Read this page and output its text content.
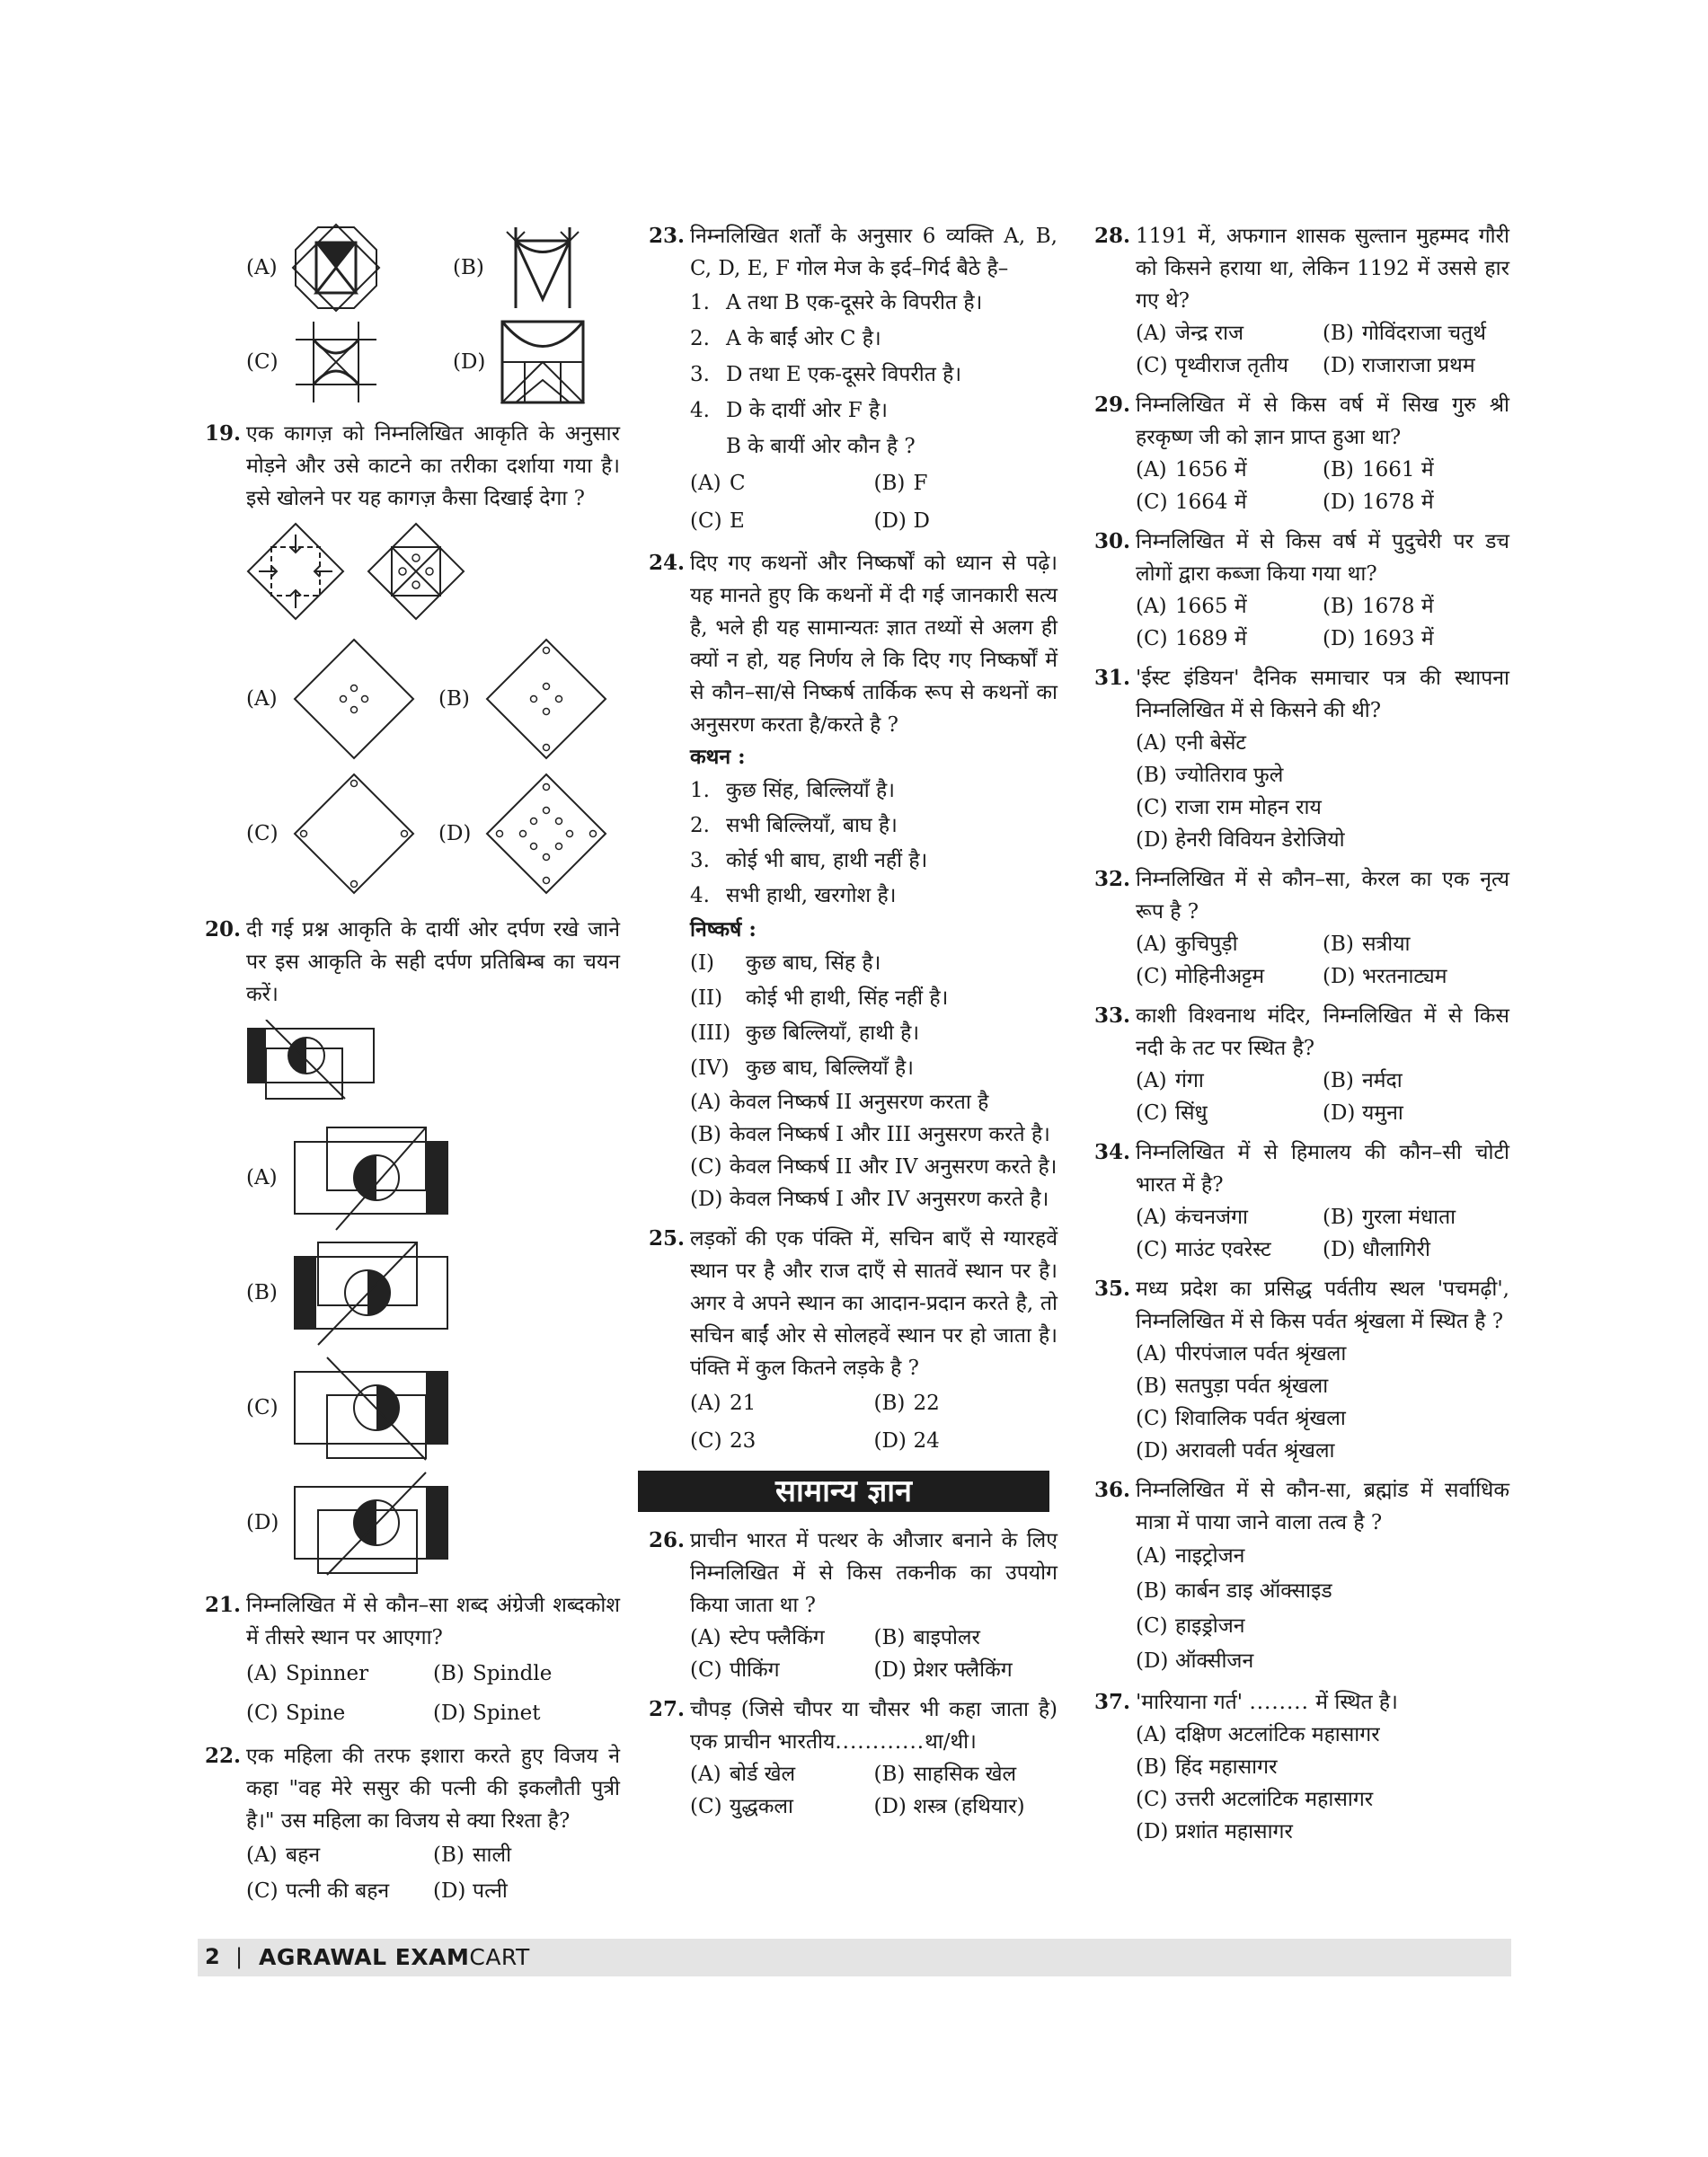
(A)	(B)
(C)	(D)
19. एक कागज़ को निम्नलिखित आकृति के अनुसार मोड़ने और उसे काटने का तरीका दर्शाया गया है। इसे खोलने पर यह कागज़ कैसा दिखाई देगा ?
(A)	(B)
(C)	(D)
20. दी गई प्रश्न आकृति के दायीं ओर दर्पण रखे जाने पर इस आकृति के सही दर्पण प्रतिबिम्ब का चयन करें।
(A)
(B)
(C)
(D)
21. निम्नलिखित में से कौन–सा शब्द अंग्रेजी शब्दकोश में तीसरे स्थान पर आएगा?
(A) Spinner	(B) Spindle
(C) Spine	(D) Spinet
22. एक महिला की तरफ इशारा करते हुए विजय ने कहा "वह मेरे ससुर की पत्नी की इकलौती पुत्री है।" उस महिला का विजय से क्या रिश्ता है?
(A) बहन	(B) साली
(C) पत्नी की बहन	(D) पत्नी
23. निम्नलिखित शर्तों के अनुसार 6 व्यक्ति A, B, C, D, E, F गोल मेज के इर्द–गिर्द बैठे है–
1. A तथा B एक-दूसरे के विपरीत है।
2. A के बाईं ओर C है।
3. D तथा E एक-दूसरे विपरीत है।
4. D के दायीं ओर F है।
B के बायीं ओर कौन है ?
(A) C	(B) F
(C) E	(D) D
24. दिए गए कथनों और निष्कर्षों को ध्यान से पढ़े। यह मानते हुए कि कथनों में दी गई जानकारी सत्य है, भले ही यह सामान्यतः ज्ञात तथ्यों से अलग ही क्यों न हो, यह निर्णय ले कि दिए गए निष्कर्षों में से कौन–सा/से निष्कर्ष तार्किक रूप से कथनों का अनुसरण करता है/करते है ?
कथन :
1. कुछ सिंह, बिल्लियाँ है।
2. सभी बिल्लियाँ, बाघ है।
3. कोई भी बाघ, हाथी नहीं है।
4. सभी हाथी, खरगोश है।
निष्कर्ष :
(I) कुछ बाघ, सिंह है।
(II) कोई भी हाथी, सिंह नहीं है।
(III) कुछ बिल्लियाँ, हाथी है।
(IV) कुछ बाघ, बिल्लियाँ है।
(A) केवल निष्कर्ष II अनुसरण करता है
(B) केवल निष्कर्ष I और III अनुसरण करते है।
(C) केवल निष्कर्ष II और IV अनुसरण करते है।
(D) केवल निष्कर्ष I और IV अनुसरण करते है।
25. लड़कों की एक पंक्ति में, सचिन बाएँ से ग्यारहवें स्थान पर है और राज दाएँ से सातवें स्थान पर है। अगर वे अपने स्थान का आदान-प्रदान करते है, तो सचिन बाईं ओर से सोलहवें स्थान पर हो जाता है। पंक्ति में कुल कितने लड़के है ?
(A) 21	(B) 22
(C) 23	(D) 24
सामान्य ज्ञान
26. प्राचीन भारत में पत्थर के औजार बनाने के लिए निम्नलिखित में से किस तकनीक का उपयोग किया जाता था ?
(A) स्टेप फ्लैकिंग	(B) बाइपोलर
(C) पीकिंग	(D) प्रेशर फ्लैकिंग
27. चौपड़ (जिसे चौपर या चौसर भी कहा जाता है) एक प्राचीन भारतीय............था/थी।
(A) बोर्ड खेल	(B) साहसिक खेल
(C) युद्धकला	(D) शस्त्र (हथियार)
28. 1191 में, अफगान शासक सुल्तान मुहम्मद गौरी को किसने हराया था, लेकिन 1192 में उससे हार गए थे?
(A) जेन्द्र राज	(B) गोविंदराजा चतुर्थ
(C) पृथ्वीराज तृतीय	(D) राजाराजा प्रथम
29. निम्नलिखित में से किस वर्ष में सिख गुरु श्री हरकृष्ण जी को ज्ञान प्राप्त हुआ था?
(A) 1656 में	(B) 1661 में
(C) 1664 में	(D) 1678 में
30. निम्नलिखित में से किस वर्ष में पुदुचेरी पर डच लोगों द्वारा कब्जा किया गया था?
(A) 1665 में	(B) 1678 में
(C) 1689 में	(D) 1693 में
31. 'ईस्ट इंडियन' दैनिक समाचार पत्र की स्थापना निम्नलिखित में से किसने की थी?
(A) एनी बेसेंट
(B) ज्योतिराव फुले
(C) राजा राम मोहन राय
(D) हेनरी विवियन डेरोजियो
32. निम्नलिखित में से कौन–सा, केरल का एक नृत्य रूप है ?
(A) कुचिपुड़ी	(B) सत्रीया
(C) मोहिनीअट्टम	(D) भरतनाट्यम
33. काशी विश्वनाथ मंदिर, निम्नलिखित में से किस नदी के तट पर स्थित है?
(A) गंगा	(B) नर्मदा
(C) सिंधु	(D) यमुना
34. निम्नलिखित में से हिमालय की कौन–सी चोटी भारत में है?
(A) कंचनजंगा	(B) गुरला मंधाता
(C) माउंट एवरेस्ट	(D) धौलागिरी
35. मध्य प्रदेश का प्रसिद्ध पर्वतीय स्थल 'पचमढ़ी', निम्नलिखित में से किस पर्वत श्रृंखला में स्थित है ?
(A) पीरपंजाल पर्वत श्रृंखला
(B) सतपुड़ा पर्वत श्रृंखला
(C) शिवालिक पर्वत श्रृंखला
(D) अरावली पर्वत श्रृंखला
36. निम्नलिखित में से कौन-सा, ब्रह्मांड में सर्वाधिक मात्रा में पाया जाने वाला तत्व है ?
(A) नाइट्रोजन
(B) कार्बन डाइ ऑक्साइड
(C) हाइड्रोजन
(D) ऑक्सीजन
37. 'मारियाना गर्त' ........ में स्थित है।
(A) दक्षिण अटलांटिक महासागर
(B) हिंद महासागर
(C) उत्तरी अटलांटिक महासागर
(D) प्रशांत महासागर
2 | AGRAWAL EXAMCART
